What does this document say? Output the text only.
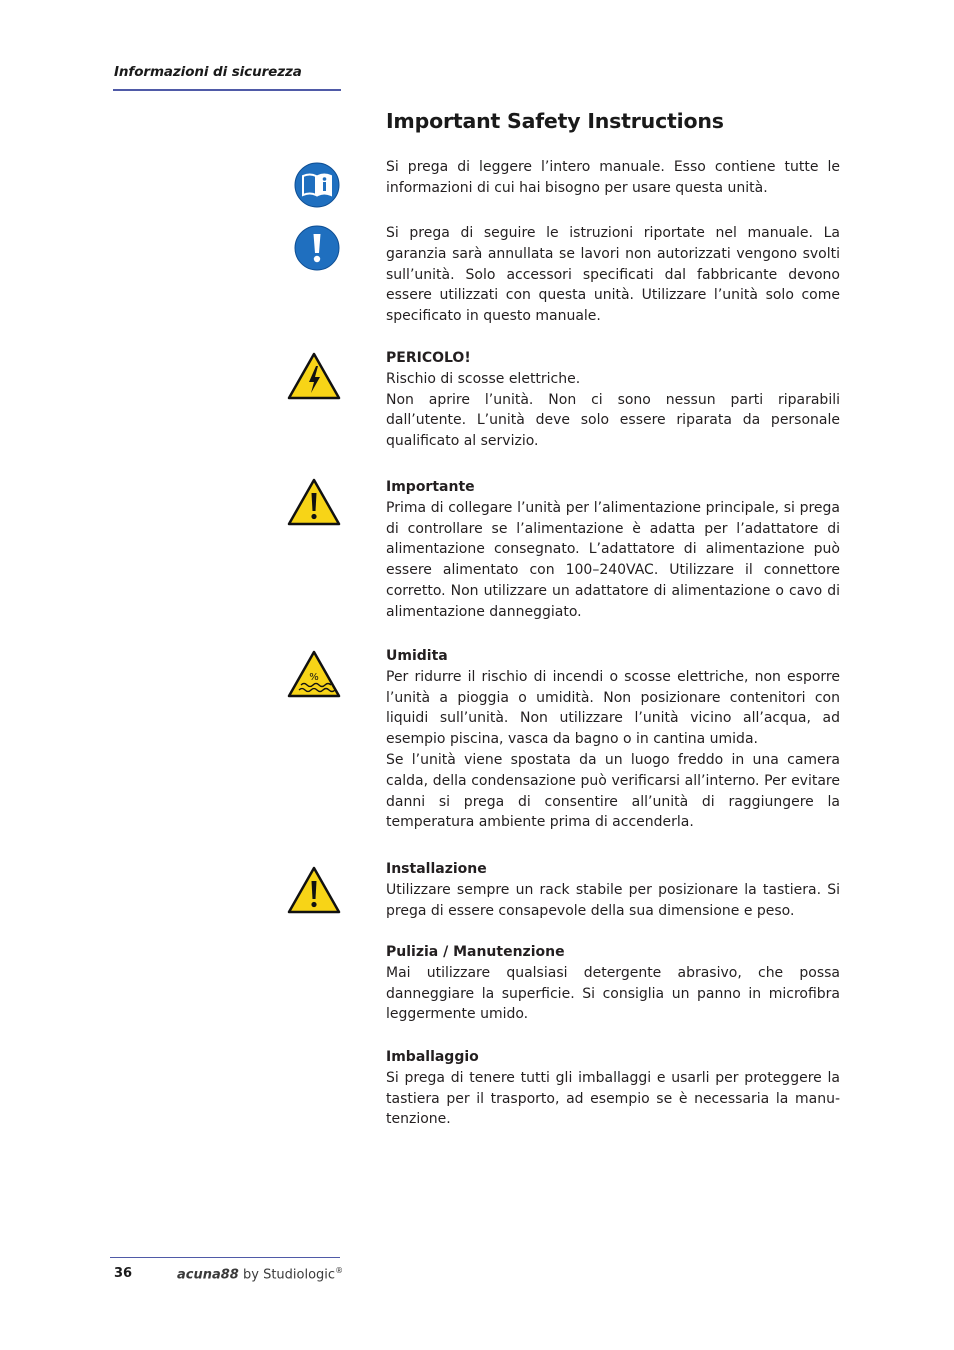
Informazioni di sicurezza
Important Safety Instructions
%

Si prega di leggere l’intero manuale. Esso contiene tutte le informazioni di cui hai bisogno per usare questa unità.

Si prega di seguire le istruzioni riportate nel manuale. La garanzia sarà annullata se lavori non autorizzati vengono svolti sull’unità. Solo accessori specificati dal fabbricante devono essere utilizzati con questa unità. Utilizzare l’unità solo come specificato in questo manuale.

PERICOLO!
Rischio di scosse elettriche.
Non aprire l’unità. Non ci sono nessun parti riparabili dall’utente. L’unità deve solo essere riparata da personale qualificato al servizio.
Importante
Prima di collegare l’unità per l’alimentazione principale, si prega di controllare se l’alimentazione è adatta per l’adattatore di alimentazione consegnato. L’adattatore di alimentazione può essere alimentato con 100–240VAC. Utilizzare il connettore corretto. Non utilizzare un adattatore di alimentazione o cavo di alimentazione danneggiato.
Umidita
Per ridurre il rischio di incendi o scosse elettriche, non esporre l’unità a pioggia o umidità. Non posizionare contenitori con liquidi sull’unità. Non utilizzare l’unità vicino all’acqua, ad esempio piscina, vasca da bagno o in cantina umida.
Se l’unità viene spostata da un luogo freddo in una camera calda, della condensazione può verificarsi all’interno. Per evitare danni si prega di consentire all’unità di raggiungere la temperatura ambiente prima di accenderla.
Installazione
Utilizzare sempre un rack stabile per posizionare la tastiera. Si prega di essere consapevole della sua dimensione e peso.
Pulizia / Manutenzione
Mai utilizzare qualsiasi detergente abrasivo, che possa danneggiare la superficie. Si consiglia un panno in microfibra leggermente umido.
Imballaggio
Si prega di tenere tutti gli imballaggi e usarli per proteggere la tastiera per il trasporto, ad esempio se è necessaria la manu-tenzione.
36	acuna88 by Studiologic®
